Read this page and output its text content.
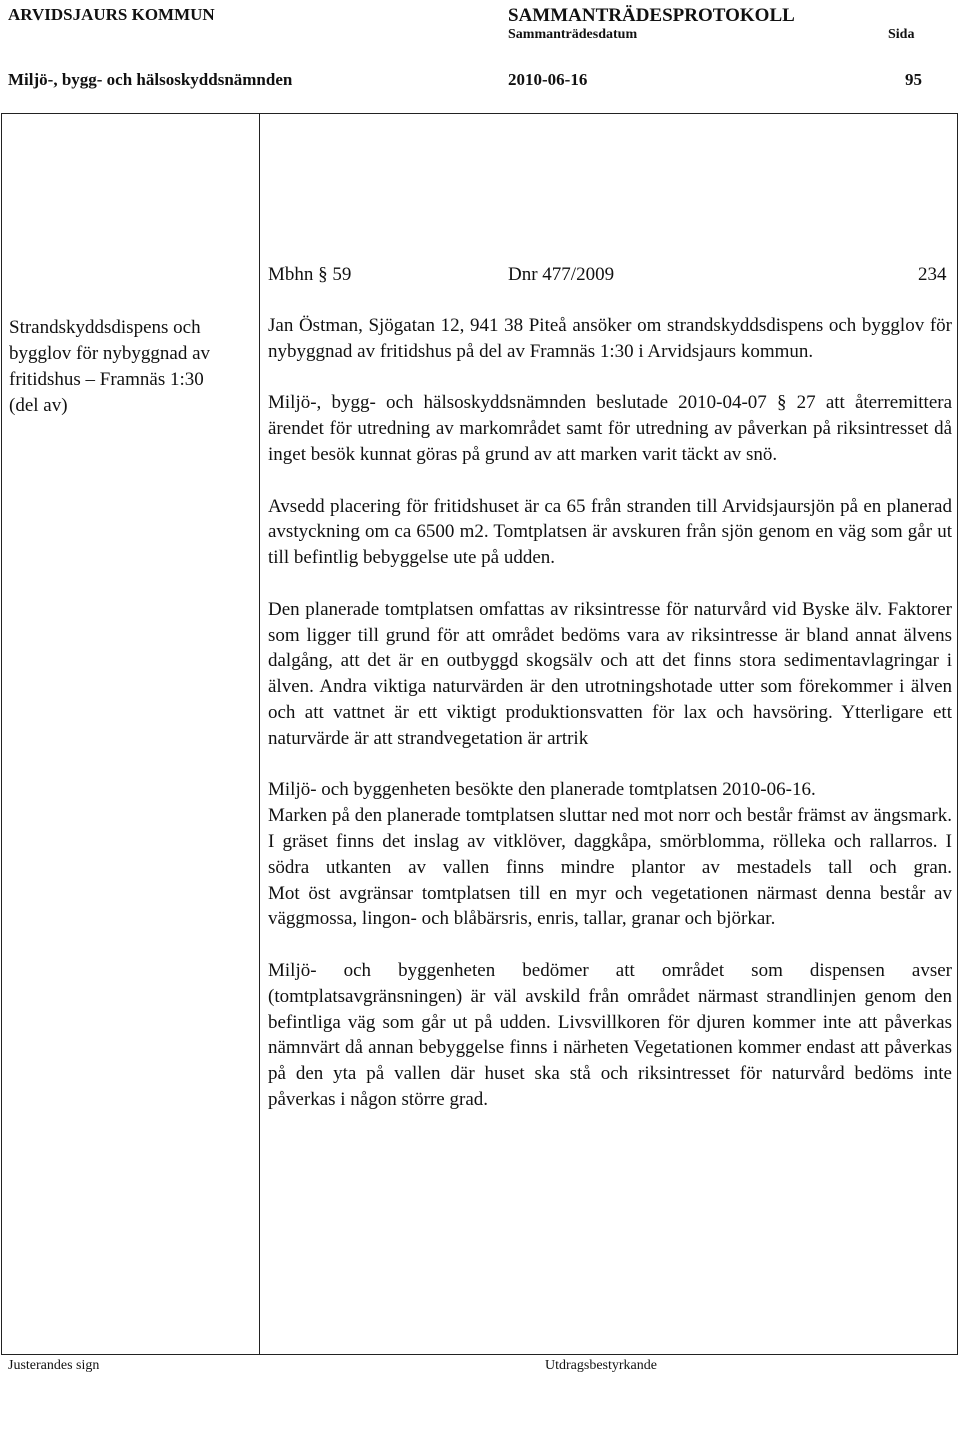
ARVIDSJAURS KOMMUN	SAMMANTRÄDESPROTOKOLL
Sammanträdesdatum	Sida
Miljö-, bygg- och hälsoskyddsnämnden	2010-06-16	95
Mbhn § 59	Dnr 477/2009	234
Strandskyddsdispens och
bygglov för nybyggnad av
fritidshus – Framnäs 1:30
(del av)

Jan Östman, Sjögatan 12, 941 38 Piteå ansöker om strandskyddsdispens och bygglov för nybyggnad av fritidshus på del av Framnäs 1:30 i Arvidsjaurs kommun.

Miljö-, bygg- och hälsoskyddsnämnden beslutade 2010-04-07 § 27 att återremittera ärendet för utredning av markområdet samt för utredning av påverkan på riksintresset då inget besök kunnat göras på grund av att marken varit täckt av snö.

Avsedd placering för fritidshuset är ca 65 från stranden till Arvidsjaursjön på en planerad avstyckning om ca 6500 m2. Tomtplatsen är avskuren från sjön genom en väg som går ut till befintlig bebyggelse ute på udden.

Den planerade tomtplatsen omfattas av riksintresse för naturvård vid Byske älv. Faktorer som ligger till grund för att området bedöms vara av riksintresse är bland annat älvens dalgång, att det är en outbyggd skogsälv och att det finns stora sedimentavlagringar i älven. Andra viktiga naturvärden är den utrotningshotade utter som förekommer i älven och att vattnet är ett viktigt produktionsvatten för lax och havsöring. Ytterligare ett naturvärde är att strandvegetation är artrik

Miljö- och byggenheten besökte den planerade tomtplatsen 2010-06-16.
Marken på den planerade tomtplatsen sluttar ned mot norr och består främst av ängsmark. I gräset finns det inslag av vitklöver, daggkåpa, smörblomma, rölleka och rallarros. I södra utkanten av vallen finns mindre plantor av mestadels tall och gran.

Mot öst avgränsar tomtplatsen till en myr och vegetationen närmast denna består av väggmossa, lingon- och blåbärsris, enris, tallar, granar och björkar.

Miljö- och byggenheten bedömer att området som dispensen avser (tomtplatsavgränsningen) är väl avskild från området närmast strandlinjen genom den befintliga väg som går ut på udden. Livsvillkoren för djuren kommer inte att påverkas nämnvärt då annan bebyggelse finns i närheten Vegetationen kommer endast att påverkas på den yta på vallen där huset ska stå och riksintresset för naturvård bedöms inte påverkas i någon större grad.

Justerandes sign	Utdragsbestyrkande
